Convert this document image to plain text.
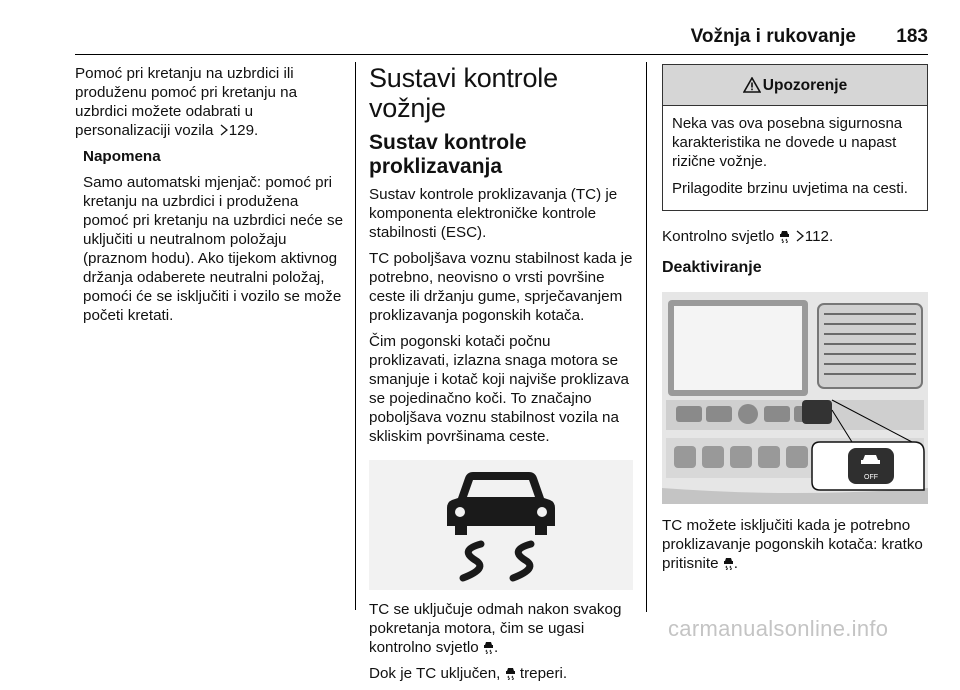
Vožnja i rukovanje 183

Pomoć pri kretanju na uzbrdici ili produženu pomoć pri kretanju na uzbrdici možete odabrati u personalizaciji vozila 129.

Napomena

Samo automatski mjenjač: pomoć pri kretanju na uzbrdici i produžena pomoć pri kretanju na uzbrdici neće se uključiti u neutralnom položaju (praznom hodu). Ako tijekom aktivnog držanja odaberete neutralni položaj, pomoći će se isključiti i vozilo se može početi kretati.

Sustavi kontrole vožnje
Sustav kontrole proklizavanja

Sustav kontrole proklizavanja (TC) je komponenta elektroničke kontrole stabilnosti (ESC).

TC poboljšava voznu stabilnost kada je potrebno, neovisno o vrsti površine ceste ili držanju gume, sprječavanjem proklizavanja pogonskih kotača.

Čim pogonski kotači počnu proklizavati, izlazna snaga motora se smanjuje i kotač koji najviše proklizava se pojedinačno koči. To značajno poboljšava voznu stabilnost vozila na skliskim površinama ceste.

TC se uključuje odmah nakon svakog pokretanja motora, čim se ugasi kontrolno svjetlo .

Dok je TC uključen, treperi.

Upozorenje

Neka vas ova posebna sigurnosna karakteristika ne dovede u napast rizične vožnje.

Prilagodite brzinu uvjetima na cesti.

Kontrolno svjetlo 112.

Deaktiviranje
OFF

TC možete isključiti kada je potrebno proklizavanje pogonskih kotača: kratko pritisnite .

carmanualsonline.info
